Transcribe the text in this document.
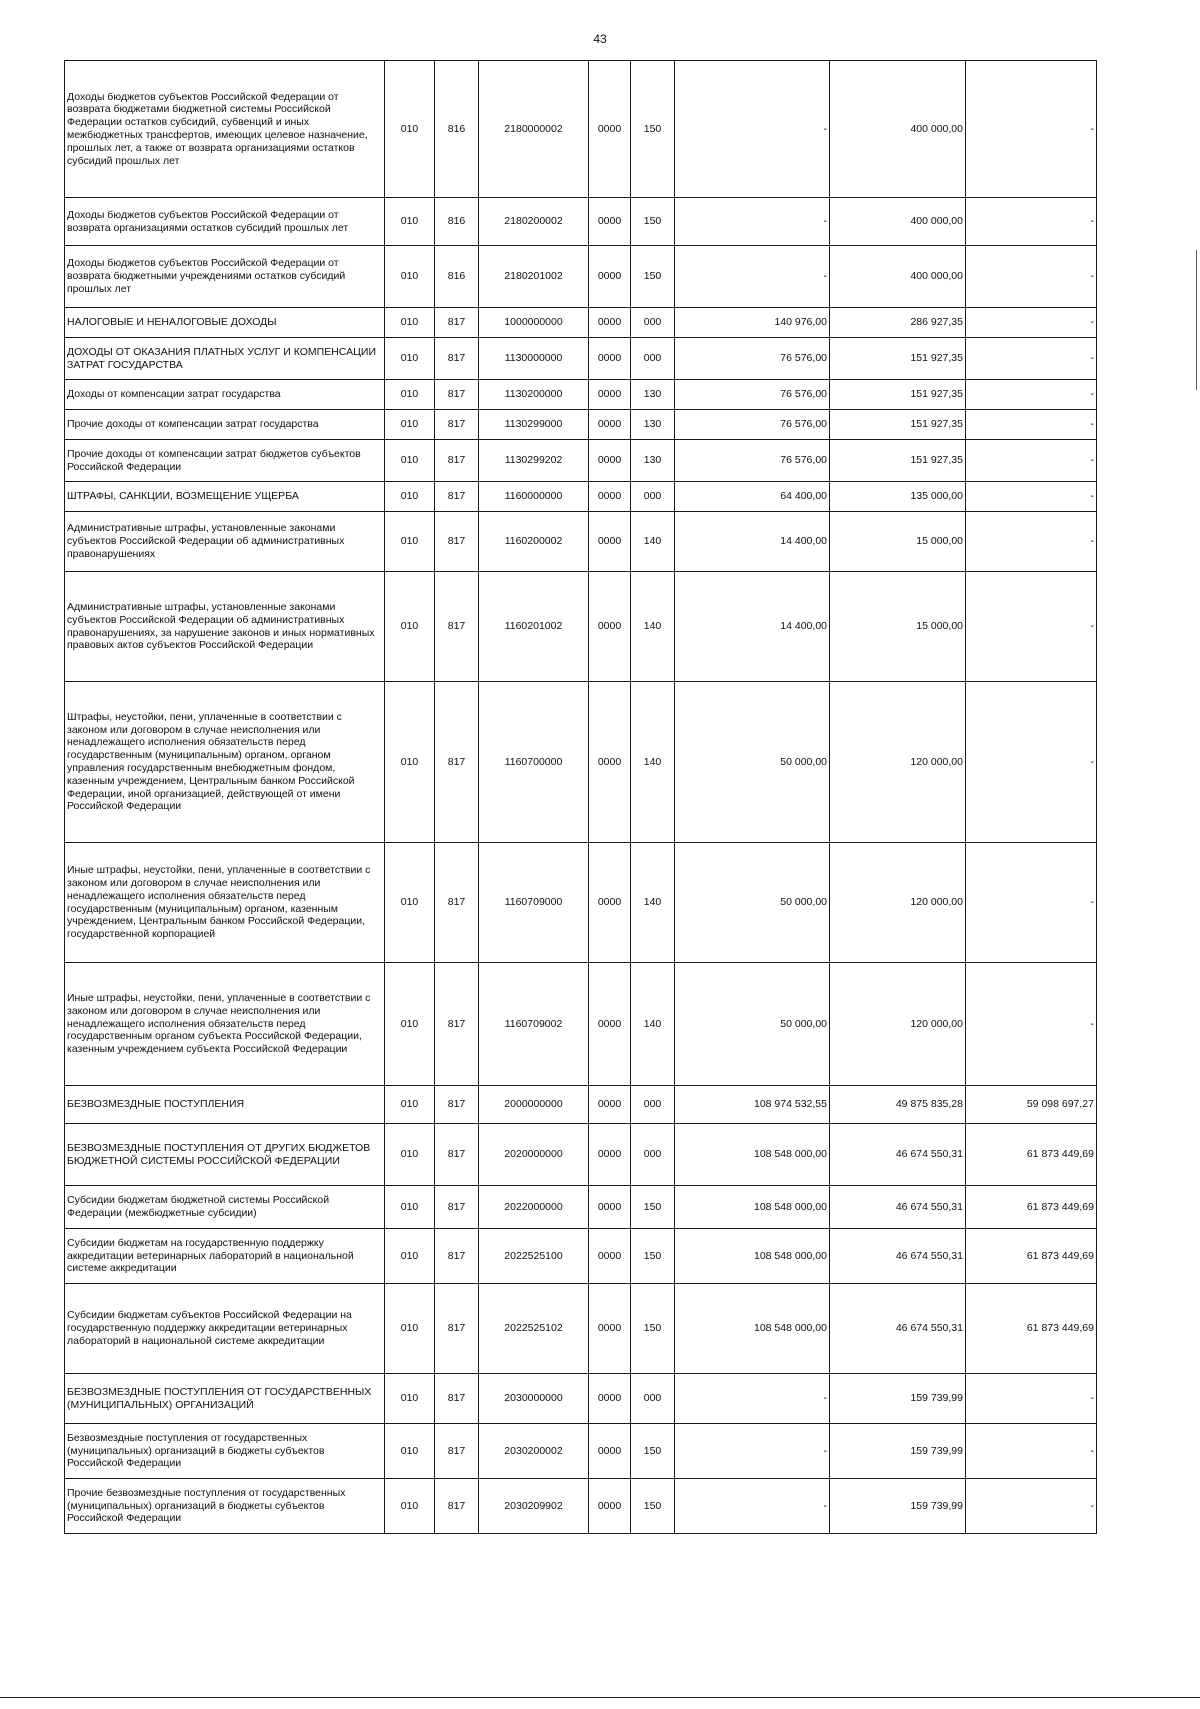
43
Доходы бюджетов субъектов Российской Федерации от возврата бюджетами бюджетной системы Российской Федерации остатков субсидий, субвенций и иных межбюджетных трансфертов, имеющих целевое назначение, прошлых лет, а также от возврата организациями остатков субсидий прошлых лет	010	816	2180000002	0000	150	-	400 000,00	-
Доходы бюджетов субъектов Российской Федерации от возврата организациями остатков субсидий прошлых лет	010	816	2180200002	0000	150	-	400 000,00	-
Доходы бюджетов субъектов Российской Федерации от возврата бюджетными учреждениями остатков субсидий прошлых лет	010	816	2180201002	0000	150	-	400 000,00	-
НАЛОГОВЫЕ И НЕНАЛОГОВЫЕ ДОХОДЫ	010	817	1000000000	0000	000	140 976,00	286 927,35	-
ДОХОДЫ ОТ ОКАЗАНИЯ ПЛАТНЫХ УСЛУГ И КОМПЕНСАЦИИ ЗАТРАТ ГОСУДАРСТВА	010	817	1130000000	0000	000	76 576,00	151 927,35	-
Доходы от компенсации затрат государства	010	817	1130200000	0000	130	76 576,00	151 927,35	-
Прочие доходы от компенсации затрат государства	010	817	1130299000	0000	130	76 576,00	151 927,35	-
Прочие доходы от компенсации затрат бюджетов субъектов Российской Федерации	010	817	1130299202	0000	130	76 576,00	151 927,35	-
ШТРАФЫ, САНКЦИИ, ВОЗМЕЩЕНИЕ УЩЕРБА	010	817	1160000000	0000	000	64 400,00	135 000,00	-
Административные штрафы, установленные законами субъектов Российской Федерации об административных правонарушениях	010	817	1160200002	0000	140	14 400,00	15 000,00	-
Административные штрафы, установленные законами субъектов Российской Федерации об административных правонарушениях, за нарушение законов и иных нормативных правовых актов субъектов Российской Федерации	010	817	1160201002	0000	140	14 400,00	15 000,00	-
Штрафы, неустойки, пени, уплаченные в соответствии с законом или договором в случае неисполнения или ненадлежащего исполнения обязательств перед государственным (муниципальным) органом, органом управления государственным внебюджетным фондом, казенным учреждением, Центральным банком Российской Федерации, иной организацией, действующей от имени Российской Федерации	010	817	1160700000	0000	140	50 000,00	120 000,00	-
Иные штрафы, неустойки, пени, уплаченные в соответствии с законом или договором в случае неисполнения или ненадлежащего исполнения обязательств перед государственным (муниципальным) органом, казенным учреждением, Центральным банком Российской Федерации, государственной корпорацией	010	817	1160709000	0000	140	50 000,00	120 000,00	-
Иные штрафы, неустойки, пени, уплаченные в соответствии с законом или договором в случае неисполнения или ненадлежащего исполнения обязательств перед государственным органом субъекта Российской Федерации, казенным учреждением субъекта Российской Федерации	010	817	1160709002	0000	140	50 000,00	120 000,00	-
БЕЗВОЗМЕЗДНЫЕ ПОСТУПЛЕНИЯ	010	817	2000000000	0000	000	108 974 532,55	49 875 835,28	59 098 697,27
БЕЗВОЗМЕЗДНЫЕ ПОСТУПЛЕНИЯ ОТ ДРУГИХ БЮДЖЕТОВ БЮДЖЕТНОЙ СИСТЕМЫ РОССИЙСКОЙ ФЕДЕРАЦИИ	010	817	2020000000	0000	000	108 548 000,00	46 674 550,31	61 873 449,69
Субсидии бюджетам бюджетной системы Российской Федерации (межбюджетные субсидии)	010	817	2022000000	0000	150	108 548 000,00	46 674 550,31	61 873 449,69
Субсидии бюджетам на государственную поддержку аккредитации ветеринарных лабораторий в национальной системе аккредитации	010	817	2022525100	0000	150	108 548 000,00	46 674 550,31	61 873 449,69
Субсидии бюджетам субъектов Российской Федерации на государственную поддержку аккредитации ветеринарных лабораторий в национальной системе аккредитации	010	817	2022525102	0000	150	108 548 000,00	46 674 550,31	61 873 449,69
БЕЗВОЗМЕЗДНЫЕ ПОСТУПЛЕНИЯ ОТ ГОСУДАРСТВЕННЫХ (МУНИЦИПАЛЬНЫХ) ОРГАНИЗАЦИЙ	010	817	2030000000	0000	000	-	159 739,99	-
Безвозмездные поступления от государственных (муниципальных) организаций в бюджеты субъектов Российской Федерации	010	817	2030200002	0000	150	-	159 739,99	-
Прочие безвозмездные поступления от государственных (муниципальных) организаций в бюджеты субъектов Российской Федерации	010	817	2030209902	0000	150	-	159 739,99	-
